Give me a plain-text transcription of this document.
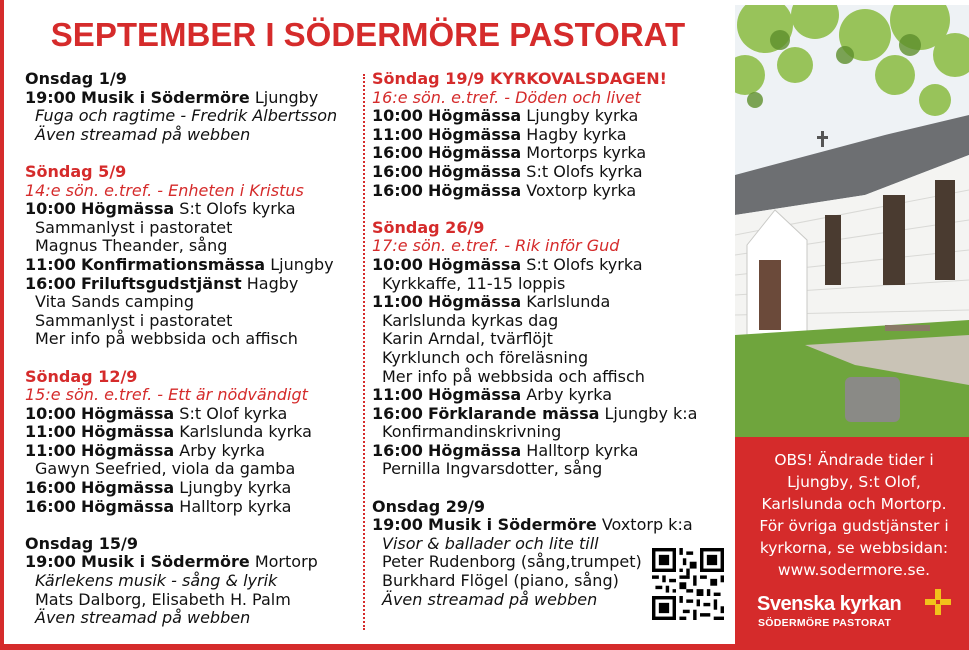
SEPTEMBER I SÖDERMÖRE PASTORAT
Onsdag 1/9
19:00 Musik i Södermöre Ljungby
Fuga och ragtime - Fredrik Albertsson
Även streamad på webben
Söndag 5/9
14:e sön. e.tref. - Enheten i Kristus
10:00 Högmässa S:t Olofs kyrka
Sammanlyst i pastoratet
Magnus Theander, sång
11:00 Konfirmationsmässa Ljungby
16:00 Friluftsgudstjänst Hagby
Vita Sands camping
Sammanlyst i pastoratet
Mer info på webbsida och affisch
Söndag 12/9
15:e sön. e.tref. - Ett är nödvändigt
10:00 Högmässa S:t Olof kyrka
11:00 Högmässa Karlslunda kyrka
11:00 Högmässa Arby kyrka
Gawyn Seefried, viola da gamba
16:00 Högmässa Ljungby kyrka
16:00 Högmässa Halltorp kyrka
Onsdag 15/9
19:00 Musik i Södermöre Mortorp
Kärlekens musik - sång & lyrik
Mats Dalborg, Elisabeth H. Palm
Även streamad på webben
Söndag 19/9 KYRKOVALSDAGEN!
16:e sön. e.tref. - Döden och livet
10:00 Högmässa Ljungby kyrka
11:00 Högmässa Hagby kyrka
16:00 Högmässa Mortorps kyrka
16:00 Högmässa S:t Olofs kyrka
16:00 Högmässa Voxtorp kyrka
Söndag 26/9
17:e sön. e.tref. - Rik inför Gud
10:00 Högmässa S:t Olofs kyrka
Kyrkkaffe, 11-15 loppis
11:00 Högmässa Karlslunda
Karlslunda kyrkas dag
Karin Arndal, tvärflöjt
Kyrklunch och föreläsning
Mer info på webbsida och affisch
11:00 Högmässa Arby kyrka
16:00 Förklarande mässa Ljungby k:a
Konfirmandinskrivning
16:00 Högmässa Halltorp kyrka
Pernilla Ingvarsdotter, sång
Onsdag 29/9
19:00 Musik i Södermöre Voxtorp k:a
Visor & ballader och lite till
Peter Rudenborg (sång,trumpet)
Burkhard Flögel (piano, sång)
Även streamad på webben
OBS! Ändrade tider i
Ljungby, S:t Olof,
Karlslunda och Mortorp.
För övriga gudstjänster i
kyrkorna, se webbsidan:
www.sodermore.se.
Svenska kyrkan
SÖDERMÖRE PASTORAT
